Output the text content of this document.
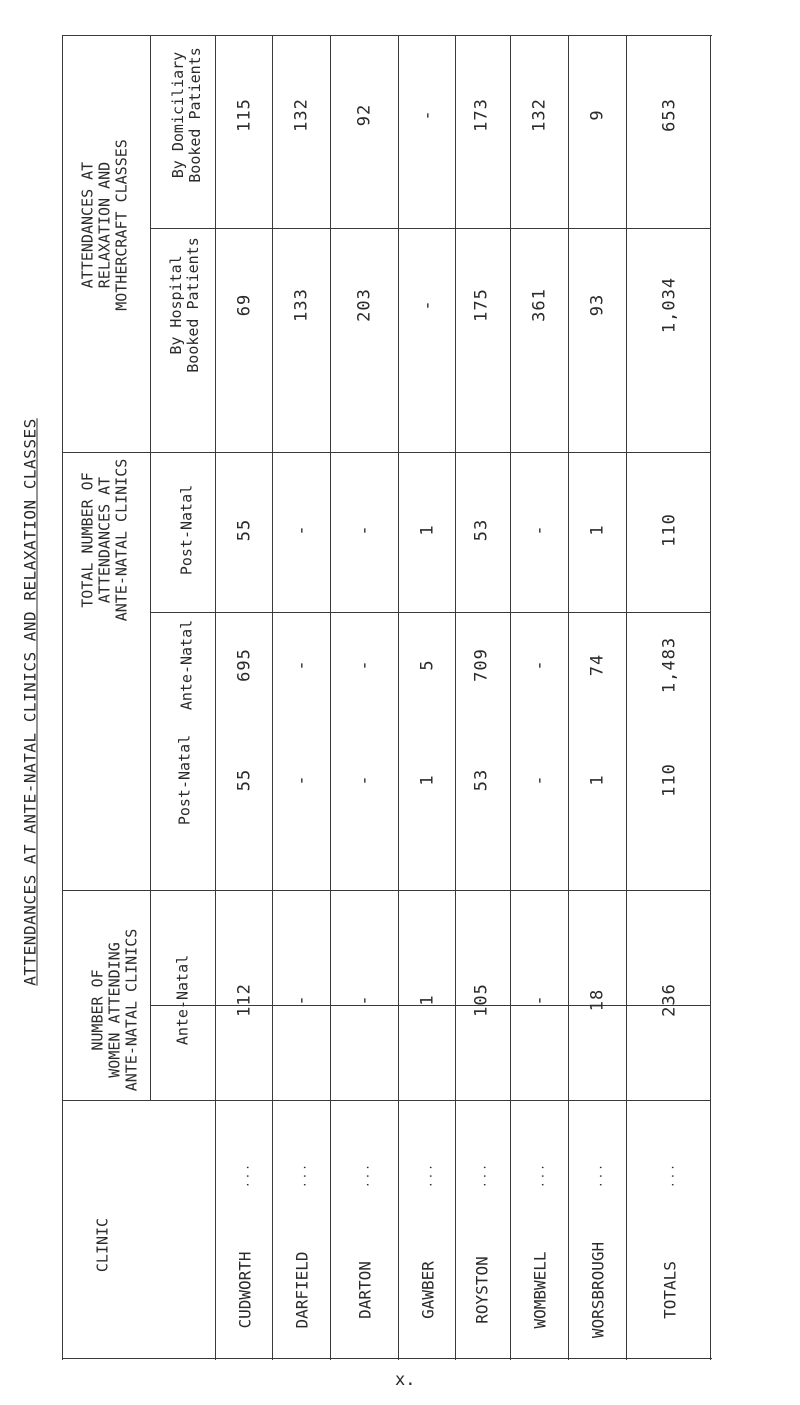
ATTENDANCES AT ANTE-NATAL CLINICS AND RELAXATION CLASSES
NUMBER OF WOMEN ATTENDING ANTE-NATAL CLINICS
TOTAL NUMBER OF ATTENDANCES AT ANTE-NATAL CLINICS
ATTENDANCES AT RELAXATION AND MOTHERCRAFT CLASSES
CLINIC
Ante-Natal
Post-Natal
Ante-Natal
Post-Natal
By Hospital Booked Patients
By Domiciliary Booked Patients
CUDWORTH
...
112
55
695
55
69
115
DARFIELD
...
-
-
-
-
133
132
DARTON
...
-
-
-
-
203
92
GAWBER
...
1
1
5
1
-
-
ROYSTON
...
105
53
709
53
175
173
WOMBWELL
...
-
-
-
-
361
132
WORSBROUGH
...
18
1
74
1
93
9
TOTALS
...
236
110
1,483
110
1,034
653
x.
